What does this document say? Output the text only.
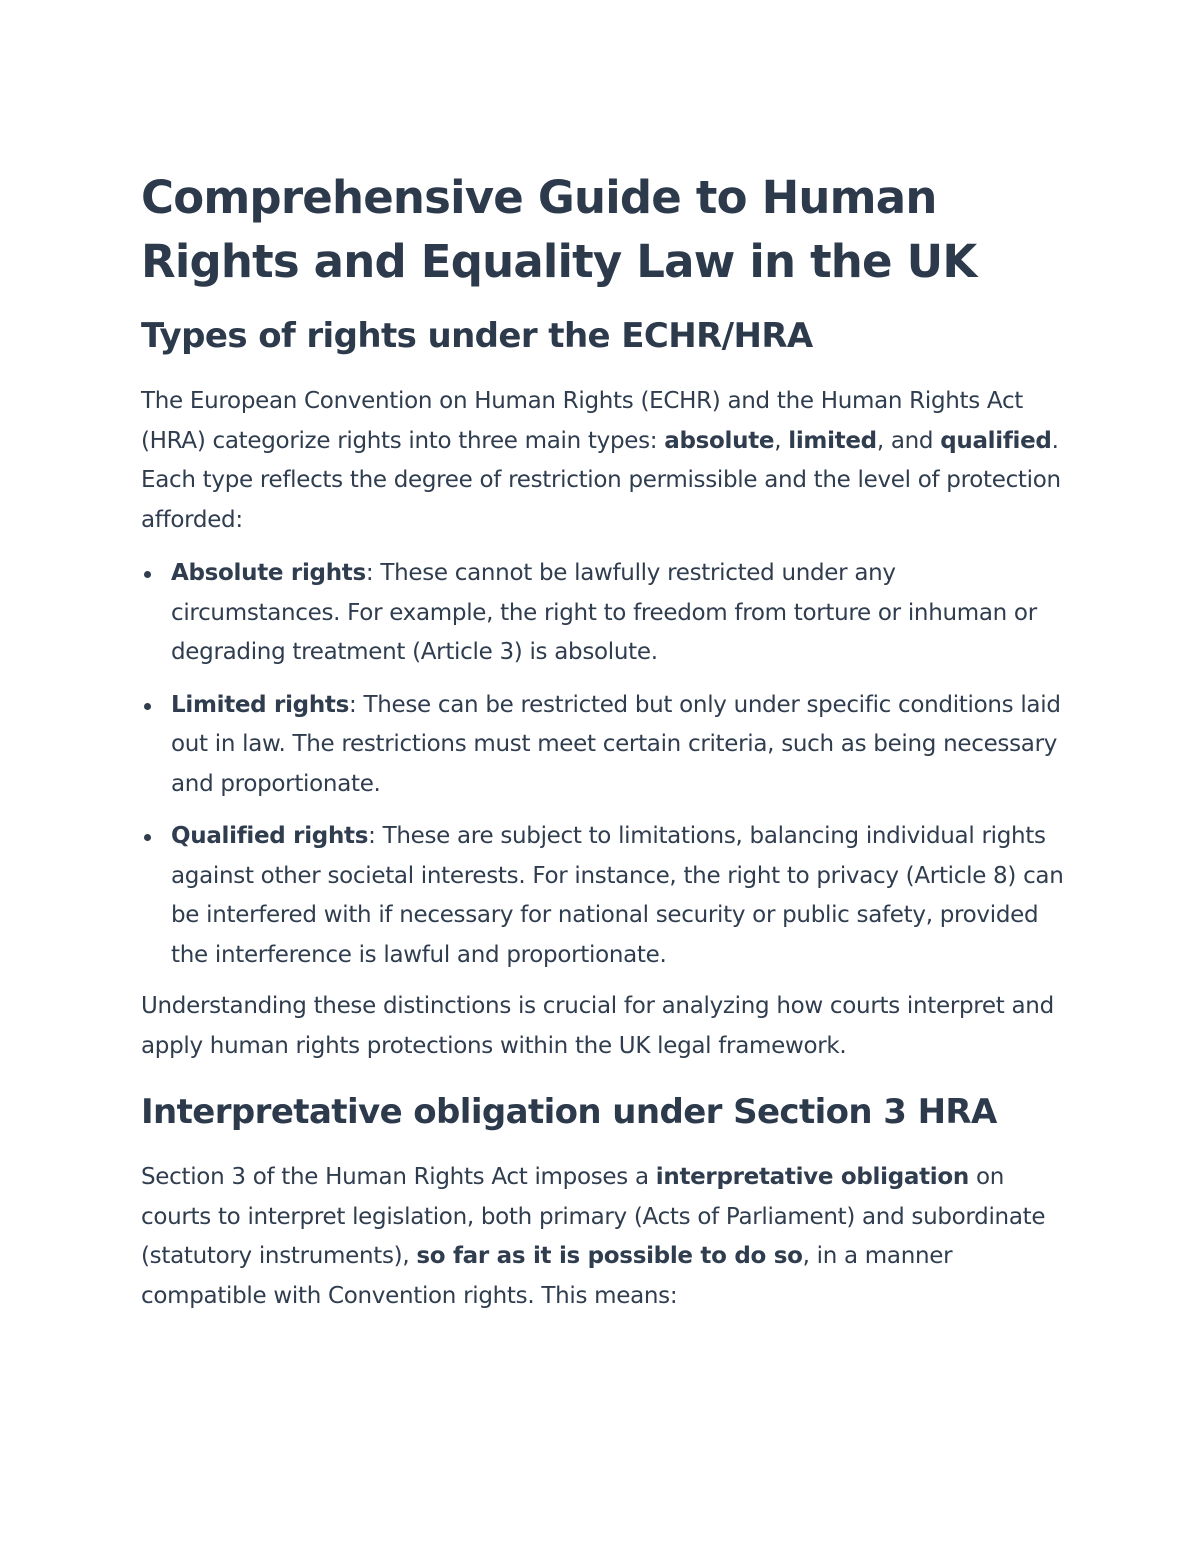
Comprehensive Guide to Human Rights and Equality Law in the UK
Types of rights under the ECHR/HRA

The European Convention on Human Rights (ECHR) and the Human Rights Act (HRA) categorize rights into three main types: absolute, limited, and qualified. Each type reflects the degree of restriction permissible and the level of protection afforded:

Absolute rights: These cannot be lawfully restricted under any circumstances. For example, the right to freedom from torture or inhuman or degrading treatment (Article 3) is absolute.
Limited rights: These can be restricted but only under specific conditions laid out in law. The restrictions must meet certain criteria, such as being necessary and proportionate.
Qualified rights: These are subject to limitations, balancing individual rights against other societal interests. For instance, the right to privacy (Article 8) can be interfered with if necessary for national security or public safety, provided the interference is lawful and proportionate.

Understanding these distinctions is crucial for analyzing how courts interpret and apply human rights protections within the UK legal framework.

Interpretative obligation under Section 3 HRA

Section 3 of the Human Rights Act imposes a interpretative obligation on courts to interpret legislation, both primary (Acts of Parliament) and subordinate (statutory instruments), so far as it is possible to do so, in a manner compatible with Convention rights. This means:
